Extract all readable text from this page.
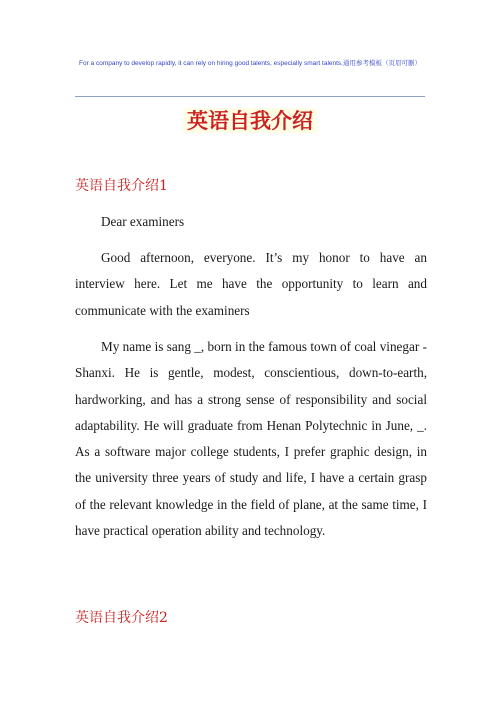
For a company to develop rapidly, it can rely on hiring good talents, especially smart talents.通用参考模板（页眉可删）
英语自我介绍
英语自我介绍1

Dear examiners

Good afternoon, everyone. It’s my honor to have an interview here. Let me have the opportunity to learn and communicate with the examiners

My name is sang _, born in the famous town of coal vinegar - Shanxi. He is gentle, modest, conscientious, down-to-earth, hardworking, and has a strong sense of responsibility and social adaptability. He will graduate from Henan Polytechnic in June, _. As a software major college students, I prefer graphic design, in the university three years of study and life, I have a certain grasp of the relevant knowledge in the field of plane, at the same time, I have practical operation ability and technology.

英语自我介绍2
